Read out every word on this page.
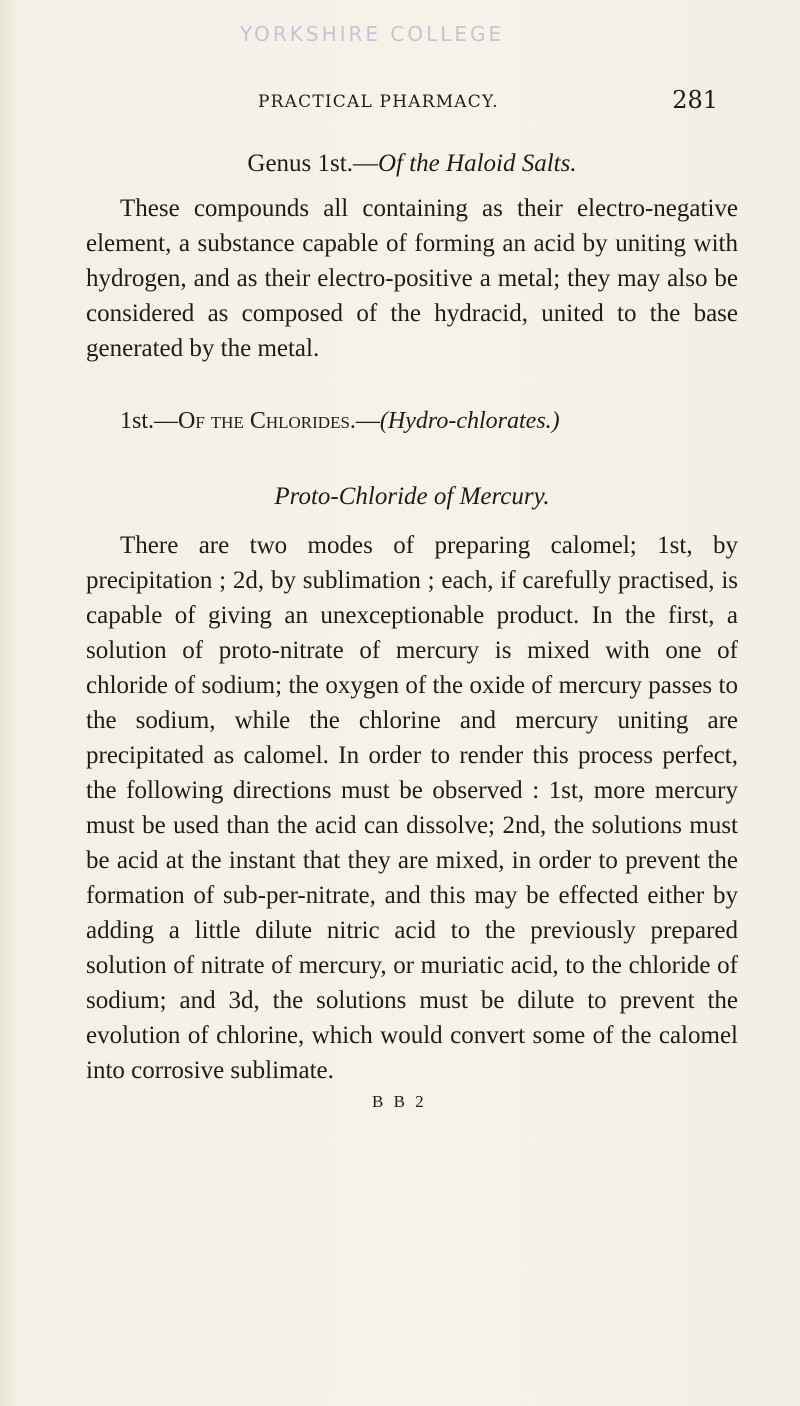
YORKSHIRE COLLEGE
PRACTICAL PHARMACY.	281
Genus 1st.—Of the Haloid Salts.

These compounds all containing as their electro-negative element, a substance capable of forming an acid by uniting with hydrogen, and as their electro-positive a metal; they may also be considered as composed of the hydracid, united to the base generated by the metal.

1st.—Of the Chlorides.—(Hydro-chlorates.)
Proto-Chloride of Mercury.

There are two modes of preparing calomel; 1st, by precipitation ; 2d, by sublimation ; each, if carefully practised, is capable of giving an unexceptionable product. In the first, a solution of proto-nitrate of mercury is mixed with one of chloride of sodium; the oxygen of the oxide of mercury passes to the sodium, while the chlorine and mercury uniting are precipitated as calomel. In order to render this process perfect, the following directions must be observed : 1st, more mercury must be used than the acid can dissolve; 2nd, the solutions must be acid at the instant that they are mixed, in order to prevent the formation of sub-per-nitrate, and this may be effected either by adding a little dilute nitric acid to the previously prepared solution of nitrate of mercury, or muriatic acid, to the chloride of sodium; and 3d, the solutions must be dilute to prevent the evolution of chlorine, which would convert some of the calomel into corrosive sublimate.

B B 2
